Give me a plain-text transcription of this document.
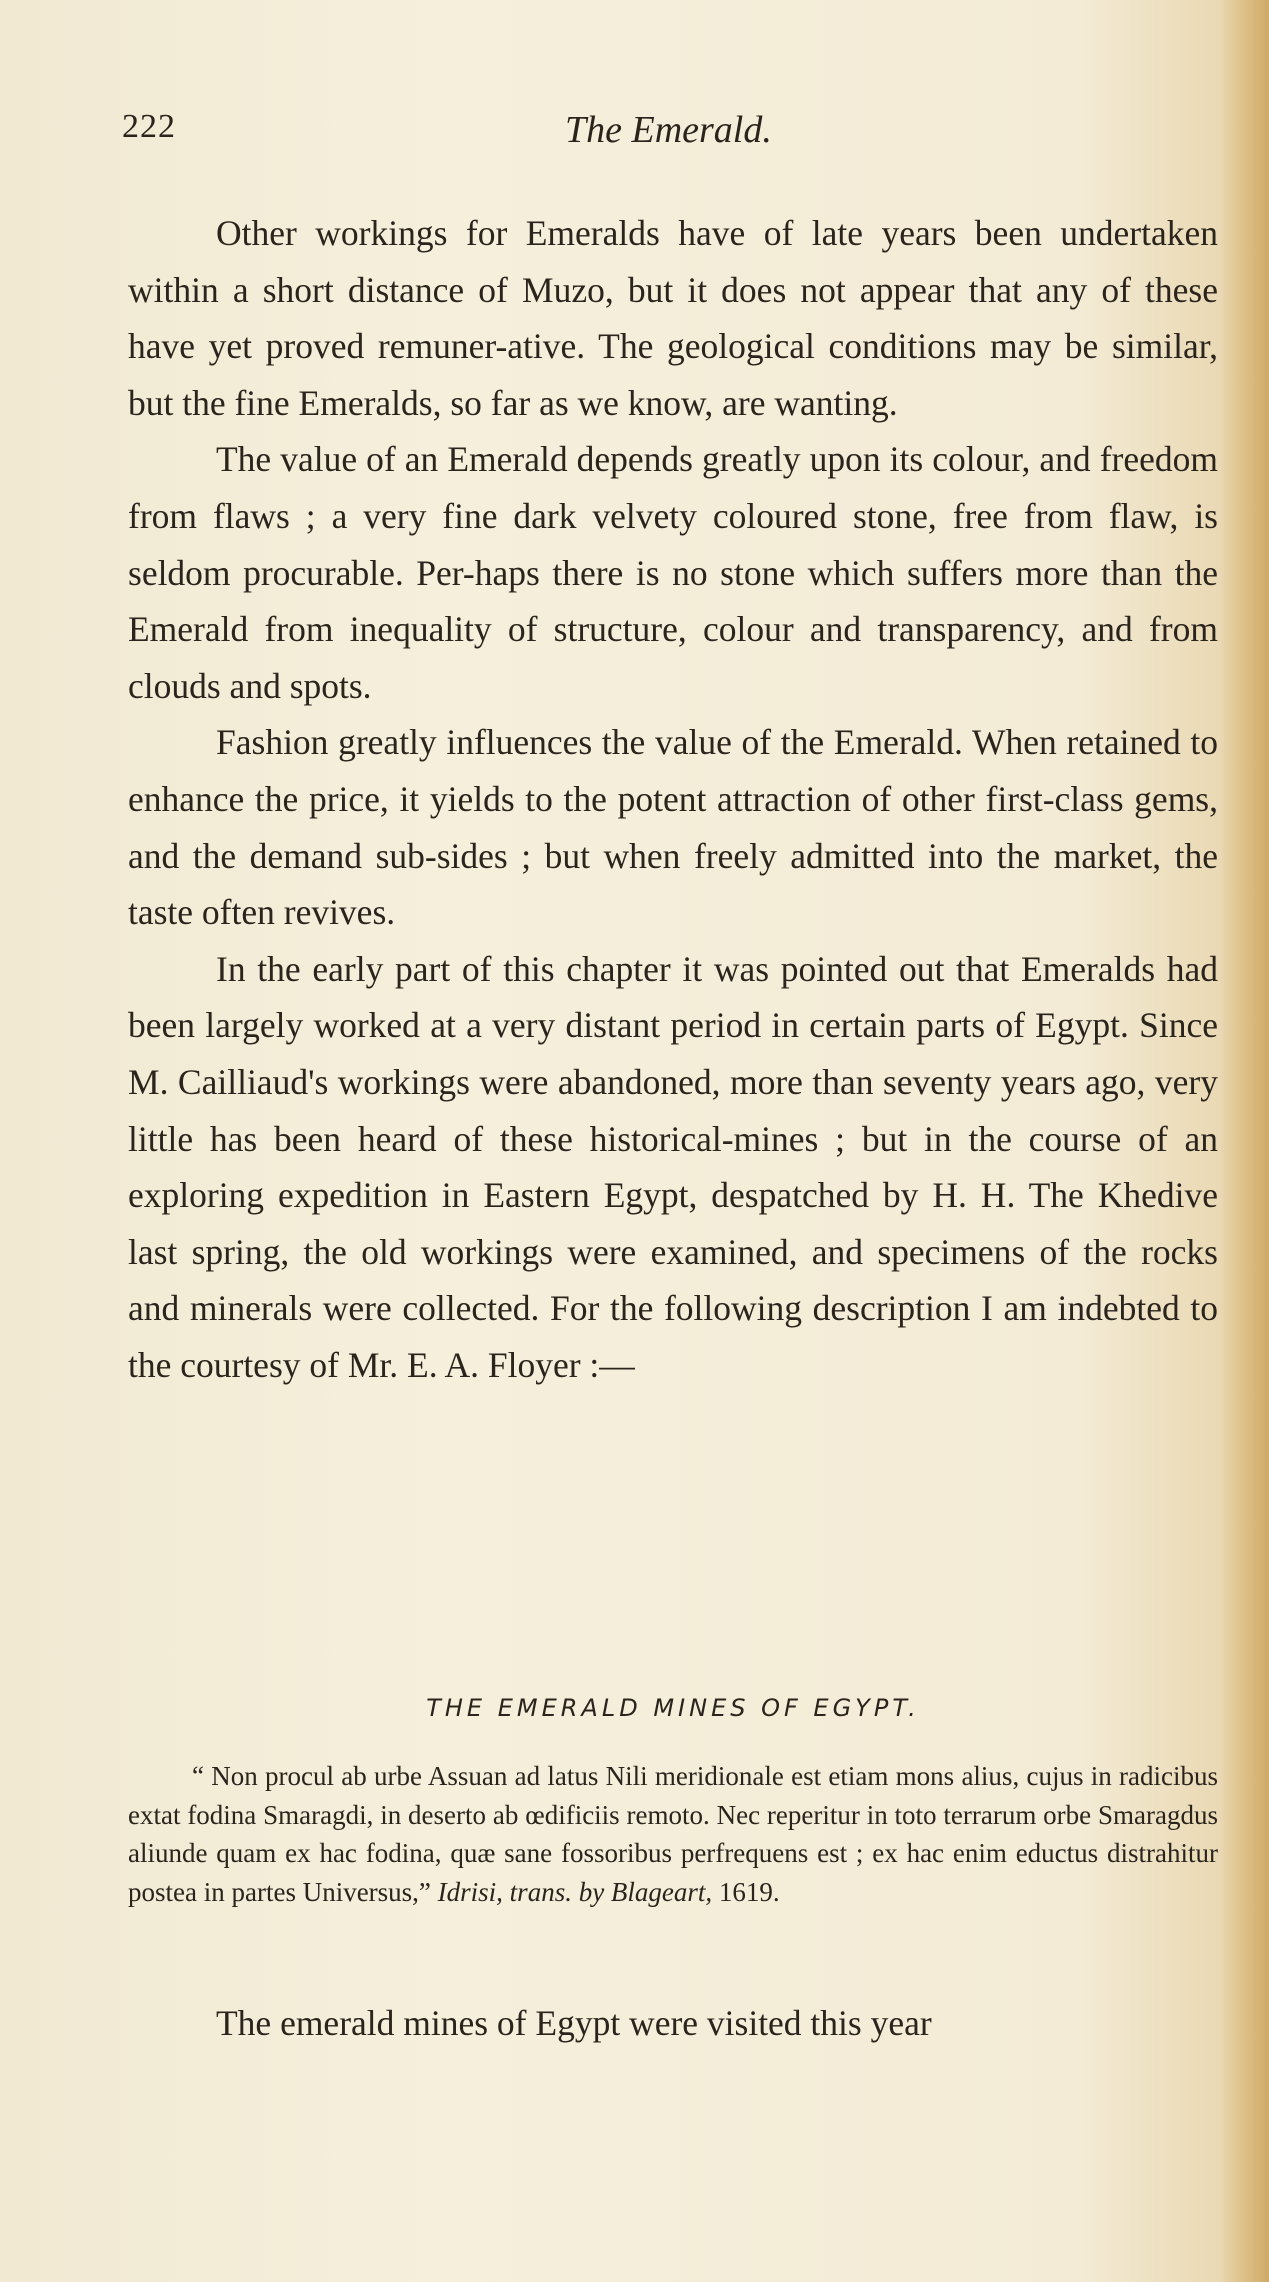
222	The Emerald.

Other workings for Emeralds have of late years been undertaken within a short distance of Muzo, but it does not appear that any of these have yet proved remuner-ative. The geological conditions may be similar, but the fine Emeralds, so far as we know, are wanting.

The value of an Emerald depends greatly upon its colour, and freedom from flaws ; a very fine dark velvety coloured stone, free from flaw, is seldom procurable. Per-haps there is no stone which suffers more than the Emerald from inequality of structure, colour and transparency, and from clouds and spots.

Fashion greatly influences the value of the Emerald. When retained to enhance the price, it yields to the potent attraction of other first-class gems, and the demand sub-sides ; but when freely admitted into the market, the taste often revives.

In the early part of this chapter it was pointed out that Emeralds had been largely worked at a very distant period in certain parts of Egypt. Since M. Cailliaud's workings were abandoned, more than seventy years ago, very little has been heard of these historical-mines ; but in the course of an exploring expedition in Eastern Egypt, despatched by H. H. The Khedive last spring, the old workings were examined, and specimens of the rocks and minerals were collected. For the following description I am indebted to the courtesy of Mr. E. A. Floyer :—

THE EMERALD MINES OF EGYPT.

“ Non procul ab urbe Assuan ad latus Nili meridionale est etiam mons alius, cujus in radicibus extat fodina Smaragdi, in deserto ab œdificiis remoto. Nec reperitur in toto terrarum orbe Smaragdus aliunde quam ex hac fodina, quæ sane fossoribus perfrequens est ; ex hac enim eductus distrahitur postea in partes Universus,” Idrisi, trans. by Blageart, 1619.

The emerald mines of Egypt were visited this year
